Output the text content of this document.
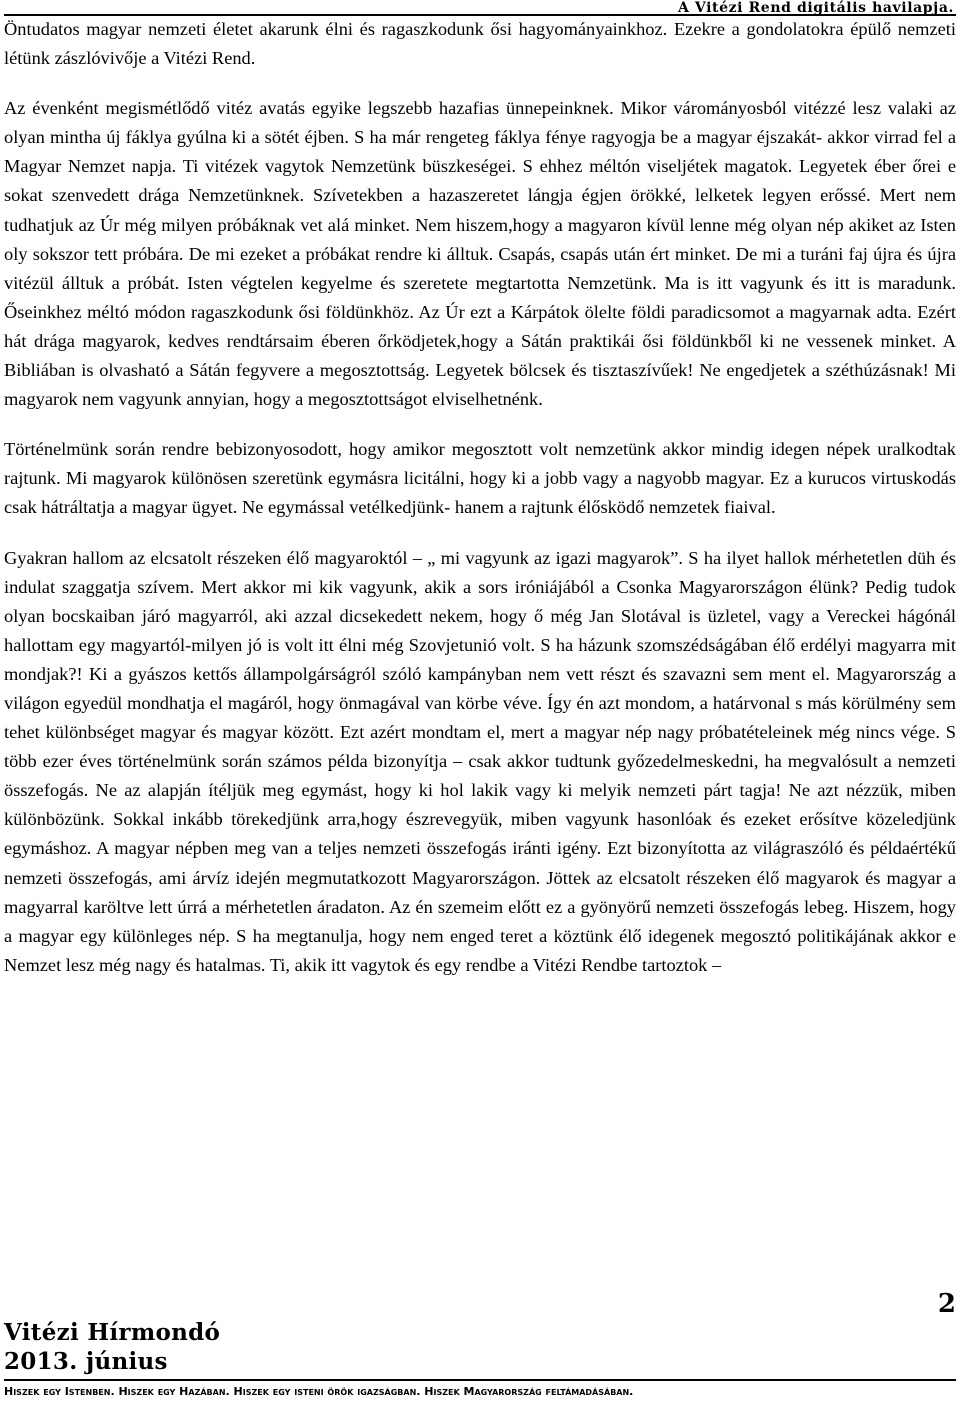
A Vitézi Rend digitális havilapja.

Öntudatos magyar nemzeti életet akarunk élni és ragaszkodunk ősi hagyományainkhoz. Ezekre a gondolatokra épülő nemzeti létünk zászlóvivője a Vitézi Rend.

Az évenként megismétlődő vitéz avatás egyike legszebb hazafias ünnepeinknek. Mikor várományosból vitézzé lesz valaki az olyan mintha új fáklya gyúlna ki a sötét éjben. S ha már rengeteg fáklya fénye ragyogja be a magyar éjszakát- akkor virrad fel a Magyar Nemzet napja. Ti vitézek vagytok Nemzetünk büszkeségei. S ehhez méltón viseljétek magatok. Legyetek éber őrei e sokat szenvedett drága Nemzetünknek. Szívetekben a hazaszeretet lángja égjen örökké, lelketek legyen erőssé. Mert nem tudhatjuk az Úr még milyen próbáknak vet alá minket. Nem hiszem,hogy a magyaron kívül lenne még olyan nép akiket az Isten oly sokszor tett próbára. De mi ezeket a próbákat rendre ki álltuk. Csapás, csapás után ért minket. De mi a turáni faj újra és újra vitézül álltuk a próbát. Isten végtelen kegyelme és szeretete megtartotta Nemzetünk. Ma is itt vagyunk és itt is maradunk. Őseinkhez méltó módon ragaszkodunk ősi földünkhöz. Az Úr ezt a Kárpátok ölelte földi paradicsomot a magyarnak adta. Ezért hát drága magyarok, kedves rendtársaim éberen őrködjetek,hogy a Sátán praktikái ősi földünkből ki ne vessenek minket. A Bibliában is olvasható a Sátán fegyvere a megosztottság. Legyetek bölcsek és tisztaszívűek! Ne engedjetek a széthúzásnak! Mi magyarok nem vagyunk annyian, hogy a megosztottságot elviselhetnénk.

Történelmünk során rendre bebizonyosodott, hogy amikor megosztott volt nemzetünk akkor mindig idegen népek uralkodtak rajtunk. Mi magyarok különösen szeretünk egymásra licitálni, hogy ki a jobb vagy a nagyobb magyar. Ez a kurucos virtuskodás csak hátráltatja a magyar ügyet. Ne egymással vetélkedjünk- hanem a rajtunk élősködő nemzetek fiaival.

Gyakran hallom az elcsatolt részeken élő magyaroktól – „ mi vagyunk az igazi magyarok”. S ha ilyet hallok mérhetetlen düh és indulat szaggatja szívem. Mert akkor mi kik vagyunk, akik a sors iróniájából a Csonka Magyarországon élünk? Pedig tudok olyan bocskaiban járó magyarról, aki azzal dicsekedett nekem, hogy ő még Jan Slotával is üzletel, vagy a Vereckei hágónál hallottam egy magyartól-milyen jó is volt itt élni még Szovjetunió volt. S ha házunk szomszédságában élő erdélyi magyarra mit mondjak?! Ki a gyászos kettős állampolgárságról szóló kampányban nem vett részt és szavazni sem ment el. Magyarország a világon egyedül mondhatja el magáról, hogy önmagával van körbe véve. Így én azt mondom, a határvonal s más körülmény sem tehet különbséget magyar és magyar között. Ezt azért mondtam el, mert a magyar nép nagy próbatételeinek még nincs vége. S több ezer éves történelmünk során számos példa bizonyítja – csak akkor tudtunk győzedelmeskedni, ha megvalósult a nemzeti összefogás. Ne az alapján ítéljük meg egymást, hogy ki hol lakik vagy ki melyik nemzeti párt tagja! Ne azt nézzük, miben különbözünk. Sokkal inkább törekedjünk arra,hogy észrevegyük, miben vagyunk hasonlóak és ezeket erősítve közeledjünk egymáshoz. A magyar népben meg van a teljes nemzeti összefogás iránti igény. Ezt bizonyította az világraszóló és példaértékű nemzeti összefogás, ami árvíz idején megmutatkozott Magyarországon. Jöttek az elcsatolt részeken élő magyarok és magyar a magyarral karöltve lett úrrá a mérhetetlen áradaton. Az én szemeim előtt ez a gyönyörű nemzeti összefogás lebeg. Hiszem, hogy a magyar egy különleges nép. S ha megtanulja, hogy nem enged teret a köztünk élő idegenek megosztó politikájának akkor e Nemzet lesz még nagy és hatalmas. Ti, akik itt vagytok és egy rendbe a Vitézi Rendbe tartoztok –

2
Vitézi Hírmondó
2013. június
Hiszek egy Istenben. Hiszek egy Hazában. Hiszek egy isteni örök igazságban. Hiszek Magyarország feltámadásában.
